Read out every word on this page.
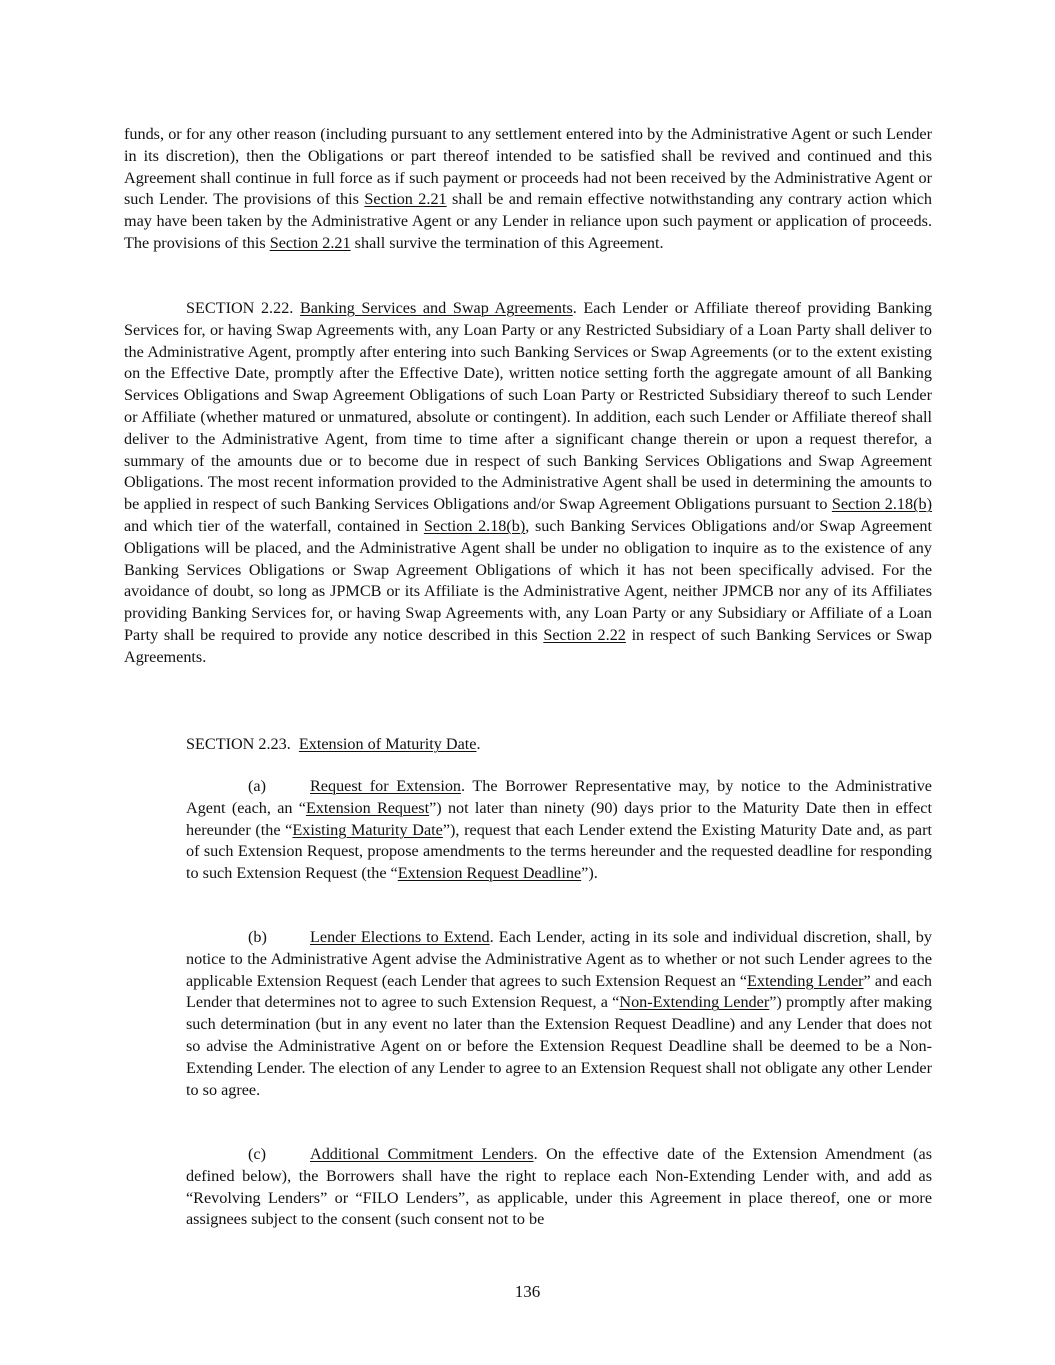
funds, or for any other reason (including pursuant to any settlement entered into by the Administrative Agent or such Lender in its discretion), then the Obligations or part thereof intended to be satisfied shall be revived and continued and this Agreement shall continue in full force as if such payment or proceeds had not been received by the Administrative Agent or such Lender. The provisions of this Section 2.21 shall be and remain effective notwithstanding any contrary action which may have been taken by the Administrative Agent or any Lender in reliance upon such payment or application of proceeds. The provisions of this Section 2.21 shall survive the termination of this Agreement.

SECTION 2.22. Banking Services and Swap Agreements. Each Lender or Affiliate thereof providing Banking Services for, or having Swap Agreements with, any Loan Party or any Restricted Subsidiary of a Loan Party shall deliver to the Administrative Agent, promptly after entering into such Banking Services or Swap Agreements (or to the extent existing on the Effective Date, promptly after the Effective Date), written notice setting forth the aggregate amount of all Banking Services Obligations and Swap Agreement Obligations of such Loan Party or Restricted Subsidiary thereof to such Lender or Affiliate (whether matured or unmatured, absolute or contingent). In addition, each such Lender or Affiliate thereof shall deliver to the Administrative Agent, from time to time after a significant change therein or upon a request therefor, a summary of the amounts due or to become due in respect of such Banking Services Obligations and Swap Agreement Obligations. The most recent information provided to the Administrative Agent shall be used in determining the amounts to be applied in respect of such Banking Services Obligations and/or Swap Agreement Obligations pursuant to Section 2.18(b) and which tier of the waterfall, contained in Section 2.18(b), such Banking Services Obligations and/or Swap Agreement Obligations will be placed, and the Administrative Agent shall be under no obligation to inquire as to the existence of any Banking Services Obligations or Swap Agreement Obligations of which it has not been specifically advised. For the avoidance of doubt, so long as JPMCB or its Affiliate is the Administrative Agent, neither JPMCB nor any of its Affiliates providing Banking Services for, or having Swap Agreements with, any Loan Party or any Subsidiary or Affiliate of a Loan Party shall be required to provide any notice described in this Section 2.22 in respect of such Banking Services or Swap Agreements.

SECTION 2.23. Extension of Maturity Date.

(a)	Request for Extension. The Borrower Representative may, by notice to the Administrative Agent (each, an “Extension Request”) not later than ninety (90) days prior to the Maturity Date then in effect hereunder (the “Existing Maturity Date”), request that each Lender extend the Existing Maturity Date and, as part of such Extension Request, propose amendments to the terms hereunder and the requested deadline for responding to such Extension Request (the “Extension Request Deadline”).

(b)	Lender Elections to Extend. Each Lender, acting in its sole and individual discretion, shall, by notice to the Administrative Agent advise the Administrative Agent as to whether or not such Lender agrees to the applicable Extension Request (each Lender that agrees to such Extension Request an “Extending Lender” and each Lender that determines not to agree to such Extension Request, a “Non-Extending Lender”) promptly after making such determination (but in any event no later than the Extension Request Deadline) and any Lender that does not so advise the Administrative Agent on or before the Extension Request Deadline shall be deemed to be a Non-Extending Lender. The election of any Lender to agree to an Extension Request shall not obligate any other Lender to so agree.

(c)	Additional Commitment Lenders. On the effective date of the Extension Amendment (as defined below), the Borrowers shall have the right to replace each Non-Extending Lender with, and add as “Revolving Lenders” or “FILO Lenders”, as applicable, under this Agreement in place thereof, one or more assignees subject to the consent (such consent not to be

136
